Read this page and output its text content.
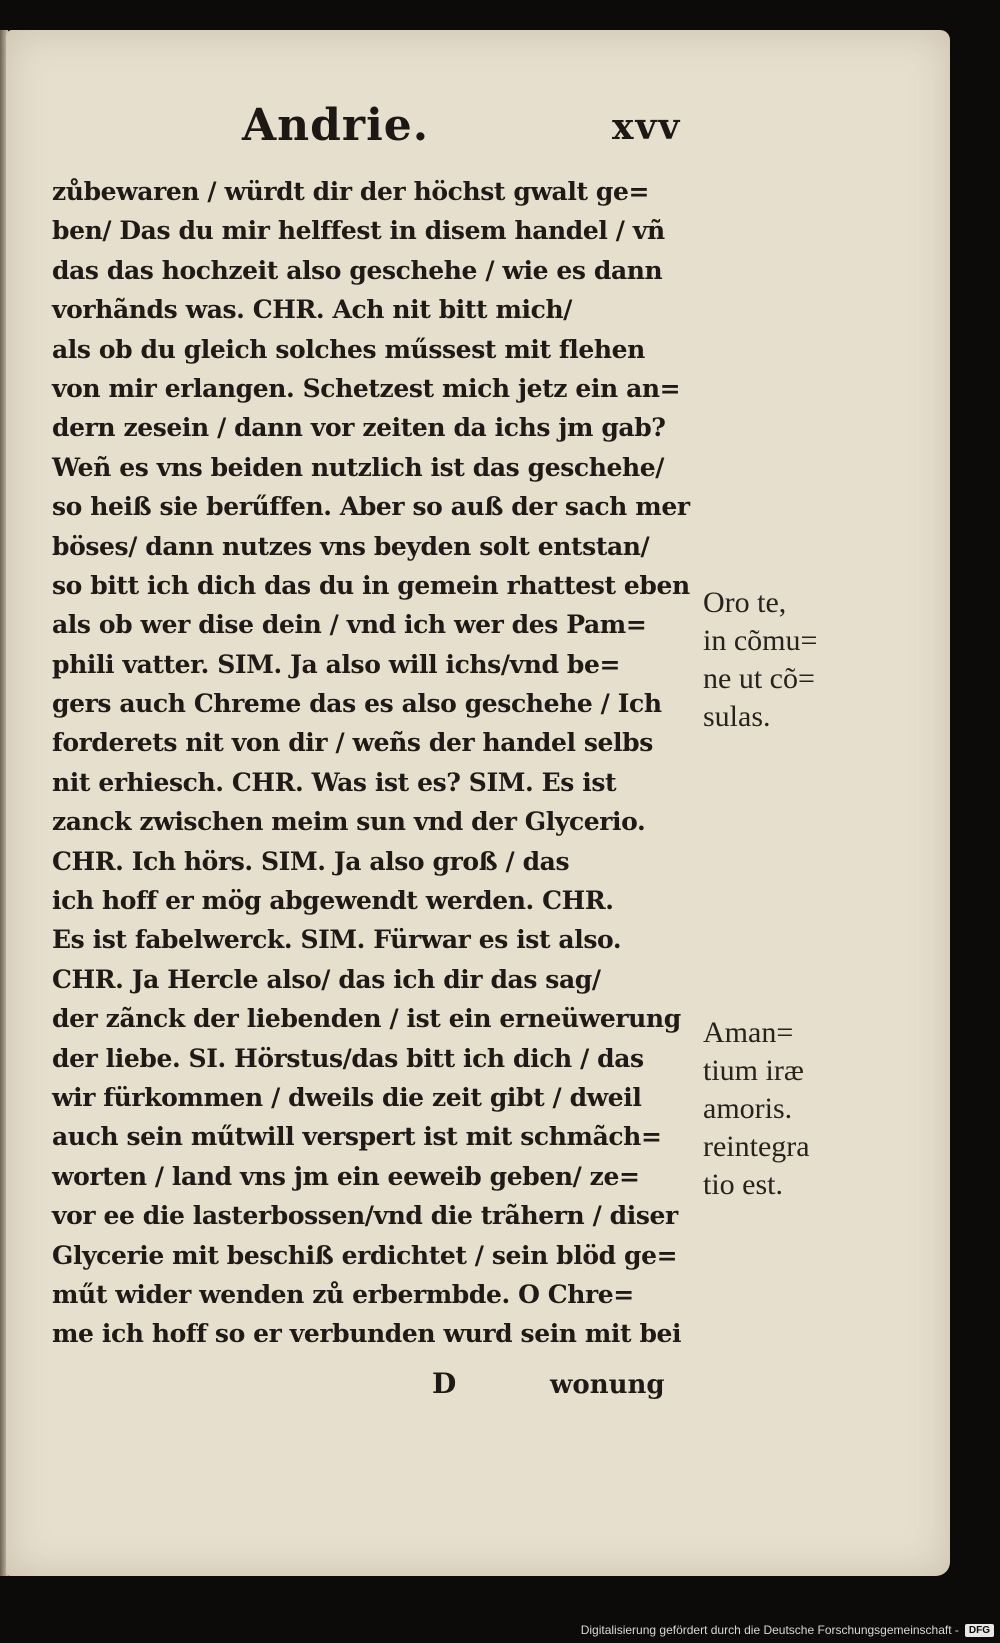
Andrie.	xvv
zůbewaren / würdt dir der höchst gwalt ge=
ben/ Das du mir helffest in disem handel / vñ
das das hochzeit also geschehe / wie es dann
vorhãnds was. CHR. Ach nit bitt mich/
als ob du gleich solches műssest mit flehen
von mir erlangen. Schetzest mich jetz ein an=
dern zesein / dann vor zeiten da ichs jm gab?
Weñ es vns beiden nutzlich ist das geschehe/
so heiß sie berűffen. Aber so auß der sach mer
böses/ dann nutzes vns beyden solt entstan/
so bitt ich dich das du in gemein rhattest eben
als ob wer dise dein / vnd ich wer des Pam=
phili vatter. SIM. Ja also will ichs/vnd be=
gers auch Chreme das es also geschehe / Ich
forderets nit von dir / weñs der handel selbs
nit erhiesch. CHR. Was ist es? SIM. Es ist
zanck zwischen meim sun vnd der Glycerio.
CHR. Ich hörs. SIM. Ja also groß / das
ich hoff er mög abgewendt werden. CHR.
Es ist fabelwerck. SIM. Fürwar es ist also.
CHR. Ja Hercle also/ das ich dir das sag/
der zãnck der liebenden / ist ein erneüwerung
der liebe. SI. Hörstus/das bitt ich dich / das
wir fürkommen / dweils die zeit gibt / dweil
auch sein műtwill verspert ist mit schmãch=
worten / land vns jm ein eeweib geben/ ze=
vor ee die lasterbossen/vnd die trãhern / diser
Glycerie mit beschiß erdichtet / sein blöd ge=
műt wider wenden zů erbermbde. O Chre=
me ich hoff so er verbunden wurd sein mit bei
Oro te,
in cõmu=
ne ut cõ=
sulas.
Aman=
tium iræ
amoris.
reintegra
tio est.
D	wonung
Digitalisierung gefördert durch die Deutsche Forschungsgemeinschaft -	DFG
